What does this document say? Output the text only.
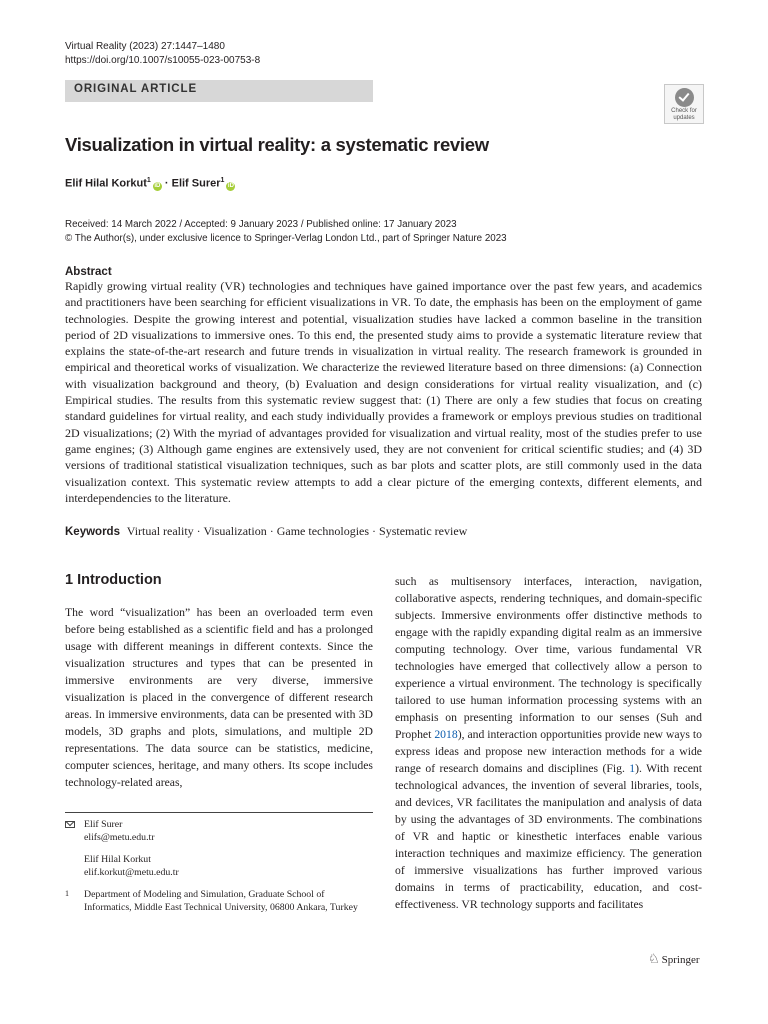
Virtual Reality (2023) 27:1447–1480
https://doi.org/10.1007/s10055-023-00753-8
ORIGINAL ARTICLE
Check for
updates
Visualization in virtual reality: a systematic review
Elif Hilal Korkut$^1$iD · Elif Surer$^1$iD
Received: 14 March 2022 / Accepted: 9 January 2023 / Published online: 17 January 2023
© The Author(s), under exclusive licence to Springer-Verlag London Ltd., part of Springer Nature 2023
Abstract

Rapidly growing virtual reality (VR) technologies and techniques have gained importance over the past few years, and academics and practitioners have been searching for efficient visualizations in VR. To date, the emphasis has been on the employment of game technologies. Despite the growing interest and potential, visualization studies have lacked a common baseline in the transition period of 2D visualizations to immersive ones. To this end, the presented study aims to provide a systematic literature review that explains the state-of-the-art research and future trends in visualization in virtual reality. The research framework is grounded in empirical and theoretical works of visualization. We characterize the reviewed literature based on three dimensions: (a) Connection with visualization background and theory, (b) Evaluation and design considerations for virtual reality visualization, and (c) Empirical studies. The results from this systematic review suggest that: (1) There are only a few studies that focus on creating standard guidelines for virtual reality, and each study individually provides a framework or employs previous studies on traditional 2D visualizations; (2) With the myriad of advantages provided for visualization and virtual reality, most of the studies prefer to use game engines; (3) Although game engines are extensively used, they are not convenient for critical scientific studies; and (4) 3D versions of traditional statistical visualization techniques, such as bar plots and scatter plots, are still commonly used in the data visualization context. This systematic review attempts to add a clear picture of the emerging contexts, different elements, and interdependencies to the literature.

Keywords Virtual reality · Visualization · Game technologies · Systematic review
1 Introduction

The word “visualization” has been an overloaded term even before being established as a scientific field and has a prolonged usage with different meanings in different contexts. Since the visualization structures and types that can be presented in immersive environments are very diverse, immersive visualization is placed in the convergence of different research areas. In immersive environments, data can be presented with 3D models, 3D graphs and plots, simulations, and multiple 2D representations. The data source can be statistics, medicine, computer sciences, heritage, and many others. Its scope includes technology-related areas,

such as multisensory interfaces, interaction, navigation, collaborative aspects, rendering techniques, and domain-specific subjects. Immersive environments offer distinctive methods to engage with the rapidly expanding digital realm as an immersive computing technology. Over time, various fundamental VR technologies have emerged that collectively allow a person to experience a virtual environment. The technology is specifically tailored to use human information processing systems with an emphasis on presenting information to our senses (Suh and Prophet 2018), and interaction opportunities provide new ways to express ideas and propose new interaction methods for a wide range of research domains and disciplines (Fig. 1). With recent technological advances, the invention of several libraries, tools, and devices, VR facilitates the manipulation and analysis of data by using the advantages of 3D environments. The combinations of VR and haptic or kinesthetic interfaces enable various interaction techniques and maximize efficiency. The generation of immersive visualizations has further improved various domains in terms of practicability, education, and cost-effectiveness. VR technology supports and facilitates

Elif Surer
elifs@metu.edu.tr
Elif Hilal Korkut
elif.korkut@metu.edu.tr
1 Department of Modeling and Simulation, Graduate School of Informatics, Middle East Technical University, 06800 Ankara, Turkey
♘ Springer
